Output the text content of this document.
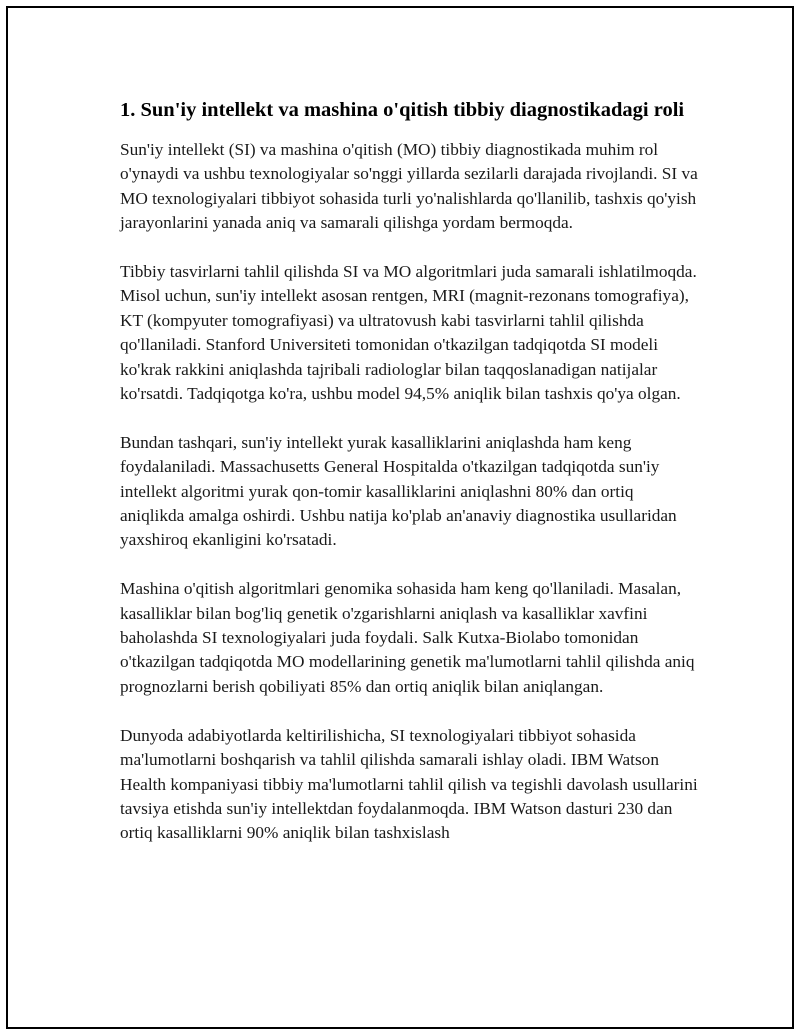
1. Sun'iy intellekt va mashina o'qitish tibbiy diagnostikadagi roli

Sun'iy intellekt (SI) va mashina o'qitish (MO) tibbiy diagnostikada muhim rol o'ynaydi va ushbu texnologiyalar so'nggi yillarda sezilarli darajada rivojlandi. SI va MO texnologiyalari tibbiyot sohasida turli yo'nalishlarda qo'llanilib, tashxis qo'yish jarayonlarini yanada aniq va samarali qilishga yordam bermoqda.

Tibbiy tasvirlarni tahlil qilishda SI va MO algoritmlari juda samarali ishlatilmoqda. Misol uchun, sun'iy intellekt asosan rentgen, MRI (magnit-rezonans tomografiya), KT (kompyuter tomografiyasi) va ultratovush kabi tasvirlarni tahlil qilishda qo'llaniladi. Stanford Universiteti tomonidan o'tkazilgan tadqiqotda SI modeli ko'krak rakkini aniqlashda tajribali radiologlar bilan taqqoslanadigan natijalar ko'rsatdi. Tadqiqotga ko'ra, ushbu model 94,5% aniqlik bilan tashxis qo'ya olgan.

Bundan tashqari, sun'iy intellekt yurak kasalliklarini aniqlashda ham keng foydalaniladi. Massachusetts General Hospitalda o'tkazilgan tadqiqotda sun'iy intellekt algoritmi yurak qon-tomir kasalliklarini aniqlashni 80% dan ortiq aniqlikda amalga oshirdi. Ushbu natija ko'plab an'anaviy diagnostika usullaridan yaxshiroq ekanligini ko'rsatadi.

Mashina o'qitish algoritmlari genomika sohasida ham keng qo'llaniladi. Masalan, kasalliklar bilan bog'liq genetik o'zgarishlarni aniqlash va kasalliklar xavfini baholashda SI texnologiyalari juda foydali. Salk Kutxa-Biolabo tomonidan o'tkazilgan tadqiqotda MO modellarining genetik ma'lumotlarni tahlil qilishda aniq prognozlarni berish qobiliyati 85% dan ortiq aniqlik bilan aniqlangan.

Dunyoda adabiyotlarda keltirilishicha, SI texnologiyalari tibbiyot sohasida ma'lumotlarni boshqarish va tahlil qilishda samarali ishlay oladi. IBM Watson Health kompaniyasi tibbiy ma'lumotlarni tahlil qilish va tegishli davolash usullarini tavsiya etishda sun'iy intellektdan foydalanmoqda. IBM Watson dasturi 230 dan ortiq kasalliklarni 90% aniqlik bilan tashxislash
